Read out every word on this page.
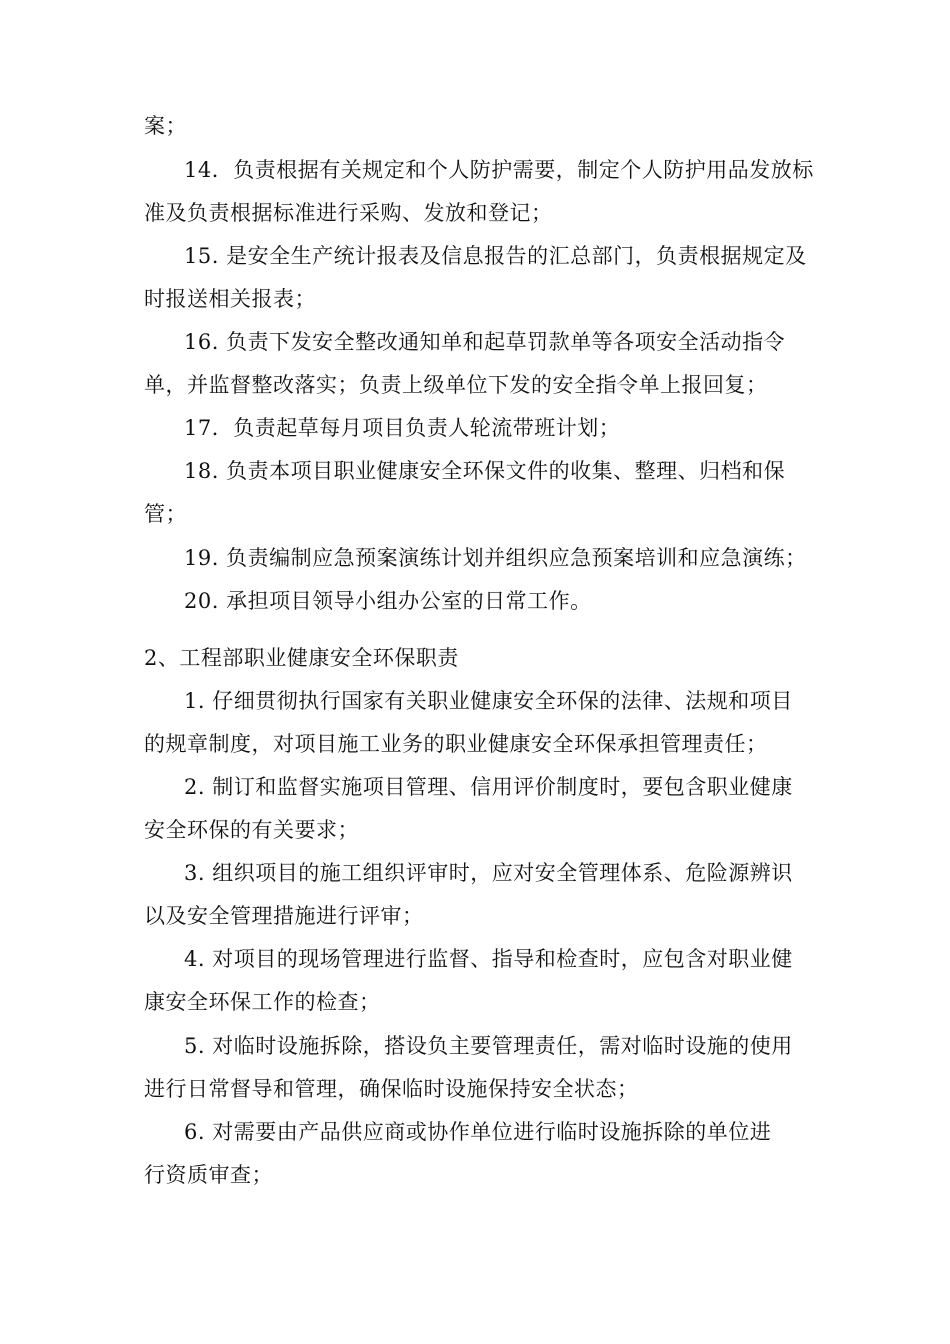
案；
14．负责根据有关规定和个人防护需要，制定个人防护用品发放标
准及负责根据标准进行采购、发放和登记；
15. 是安全生产统计报表及信息报告的汇总部门，负责根据规定及
时报送相关报表；
16. 负责下发安全整改通知单和起草罚款单等各项安全活动指令
单，并监督整改落实；负责上级单位下发的安全指令单上报回复；
17．负责起草每月项目负责人轮流带班计划；
18. 负责本项目职业健康安全环保文件的收集、整理、归档和保
管；
19. 负责编制应急预案演练计划并组织应急预案培训和应急演练；
20. 承担项目领导小组办公室的日常工作。
2、工程部职业健康安全环保职责
1. 仔细贯彻执行国家有关职业健康安全环保的法律、法规和项目
的规章制度，对项目施工业务的职业健康安全环保承担管理责任；
2. 制订和监督实施项目管理、信用评价制度时，要包含职业健康
安全环保的有关要求；
3. 组织项目的施工组织评审时，应对安全管理体系、危险源辨识
以及安全管理措施进行评审；
4. 对项目的现场管理进行监督、指导和检查时，应包含对职业健
康安全环保工作的检查；
5. 对临时设施拆除，搭设负主要管理责任，需对临时设施的使用
进行日常督导和管理，确保临时设施保持安全状态；
6. 对需要由产品供应商或协作单位进行临时设施拆除的单位进
行资质审查；
